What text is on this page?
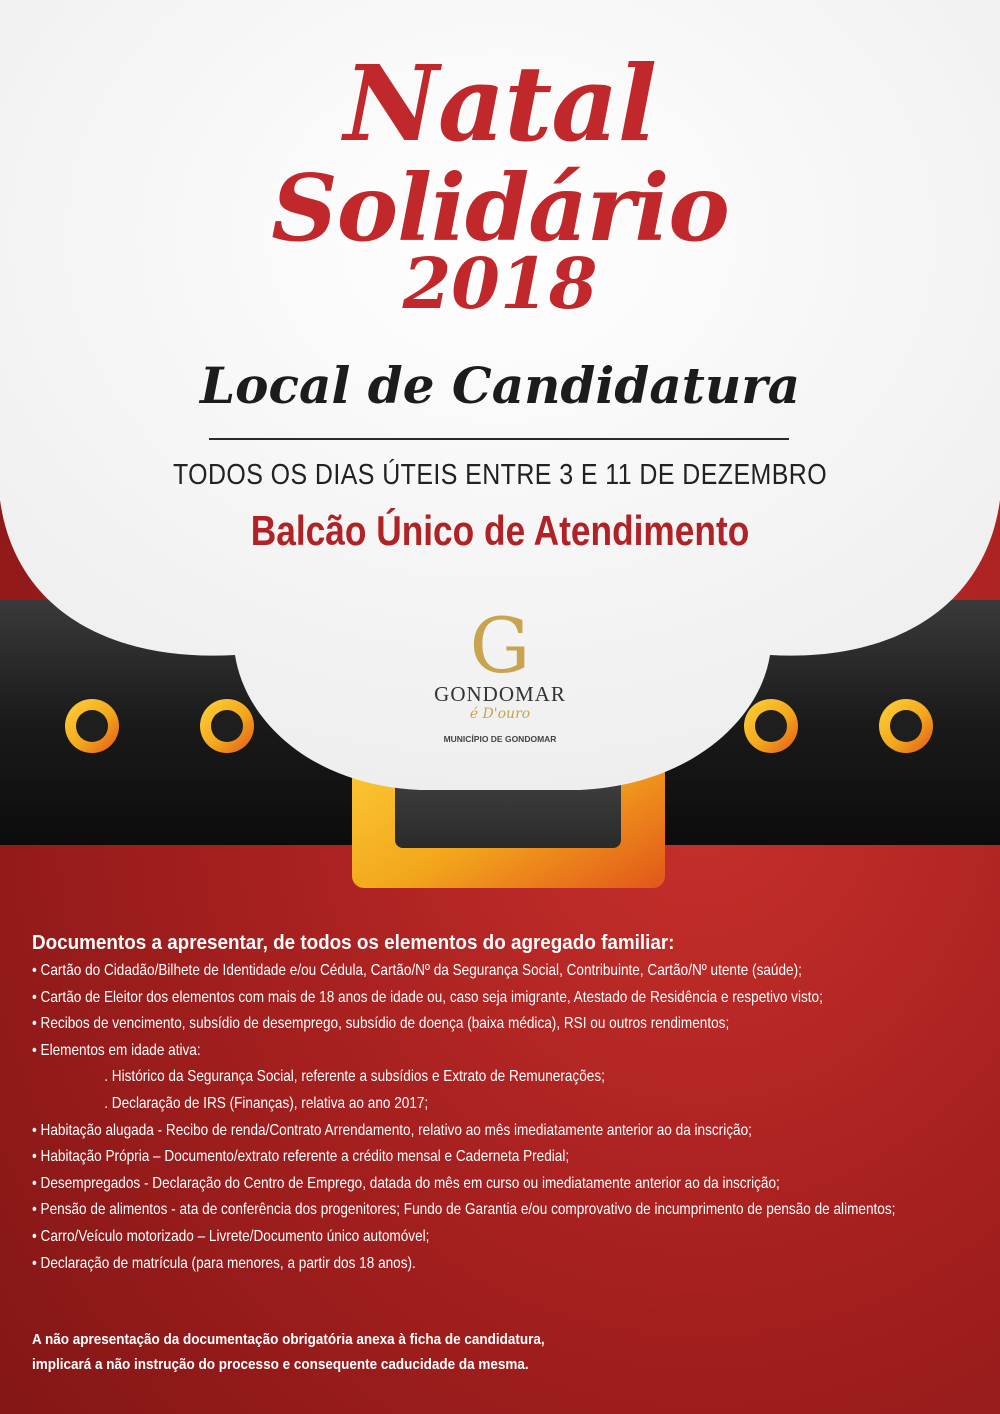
Natal
Solidário
2018
Local de Candidatura
TODOS OS DIAS ÚTEIS ENTRE 3 E 11 DE DEZEMBRO
Balcão Único de Atendimento
G
GONDOMAR
é D'ouro
MUNICÍPIO DE GONDOMAR
Documentos a apresentar, de todos os elementos do agregado familiar:
• Cartão do Cidadão/Bilhete de Identidade e/ou Cédula, Cartão/Nº da Segurança Social, Contribuinte, Cartão/Nº utente (saúde);
• Cartão de Eleitor dos elementos com mais de 18 anos de idade ou, caso seja imigrante, Atestado de Residência e respetivo visto;
• Recibos de vencimento, subsídio de desemprego, subsídio de doença (baixa médica), RSI ou outros rendimentos;
• Elementos em idade ativa:
. Histórico da Segurança Social, referente a subsídios e Extrato de Remunerações;
. Declaração de IRS (Finanças), relativa ao ano 2017;
• Habitação alugada - Recibo de renda/Contrato Arrendamento, relativo ao mês imediatamente anterior ao da inscrição;
• Habitação Própria – Documento/extrato referente a crédito mensal e Caderneta Predial;
• Desempregados - Declaração do Centro de Emprego, datada do mês em curso ou imediatamente anterior ao da inscrição;
• Pensão de alimentos - ata de conferência dos progenitores; Fundo de Garantia e/ou comprovativo de incumprimento de pensão de alimentos;
• Carro/Veículo motorizado – Livrete/Documento único automóvel;
• Declaração de matrícula (para menores, a partir dos 18 anos).
A não apresentação da documentação obrigatória anexa à ficha de candidatura,
implicará a não instrução do processo e consequente caducidade da mesma.
